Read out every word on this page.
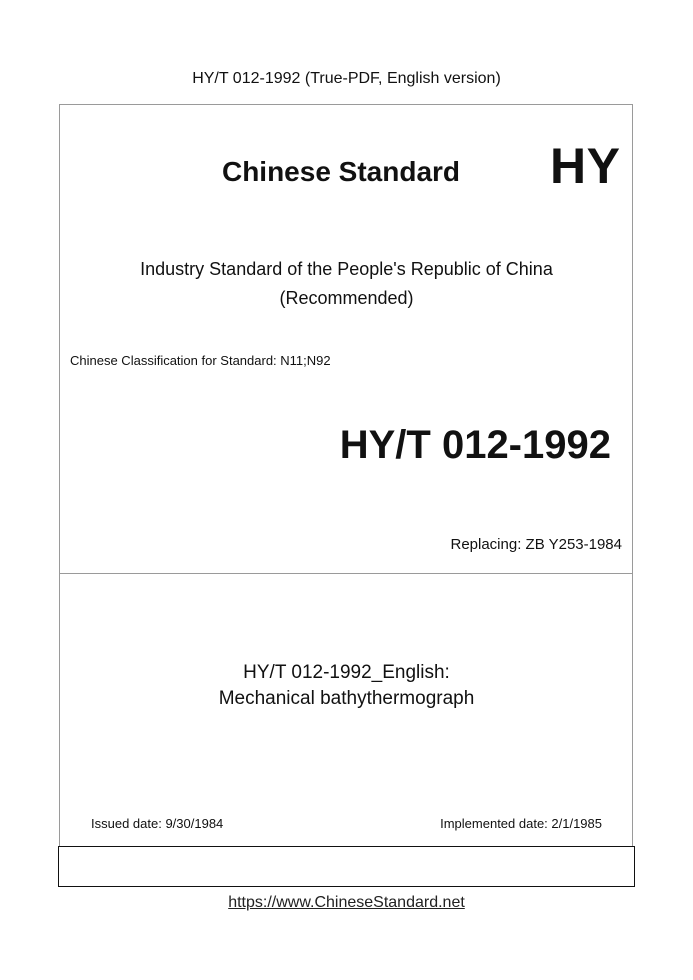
HY/T 012-1992 (True-PDF, English version)
Chinese Standard	HY
Industry Standard of the People's Republic of China
(Recommended)
Chinese Classification for Standard: N11;N92
HY/T 012-1992
Replacing: ZB Y253-1984
HY/T 012-1992_English:
Mechanical bathythermograph
Issued date: 9/30/1984	Implemented date: 2/1/1985
https://www.ChineseStandard.net
